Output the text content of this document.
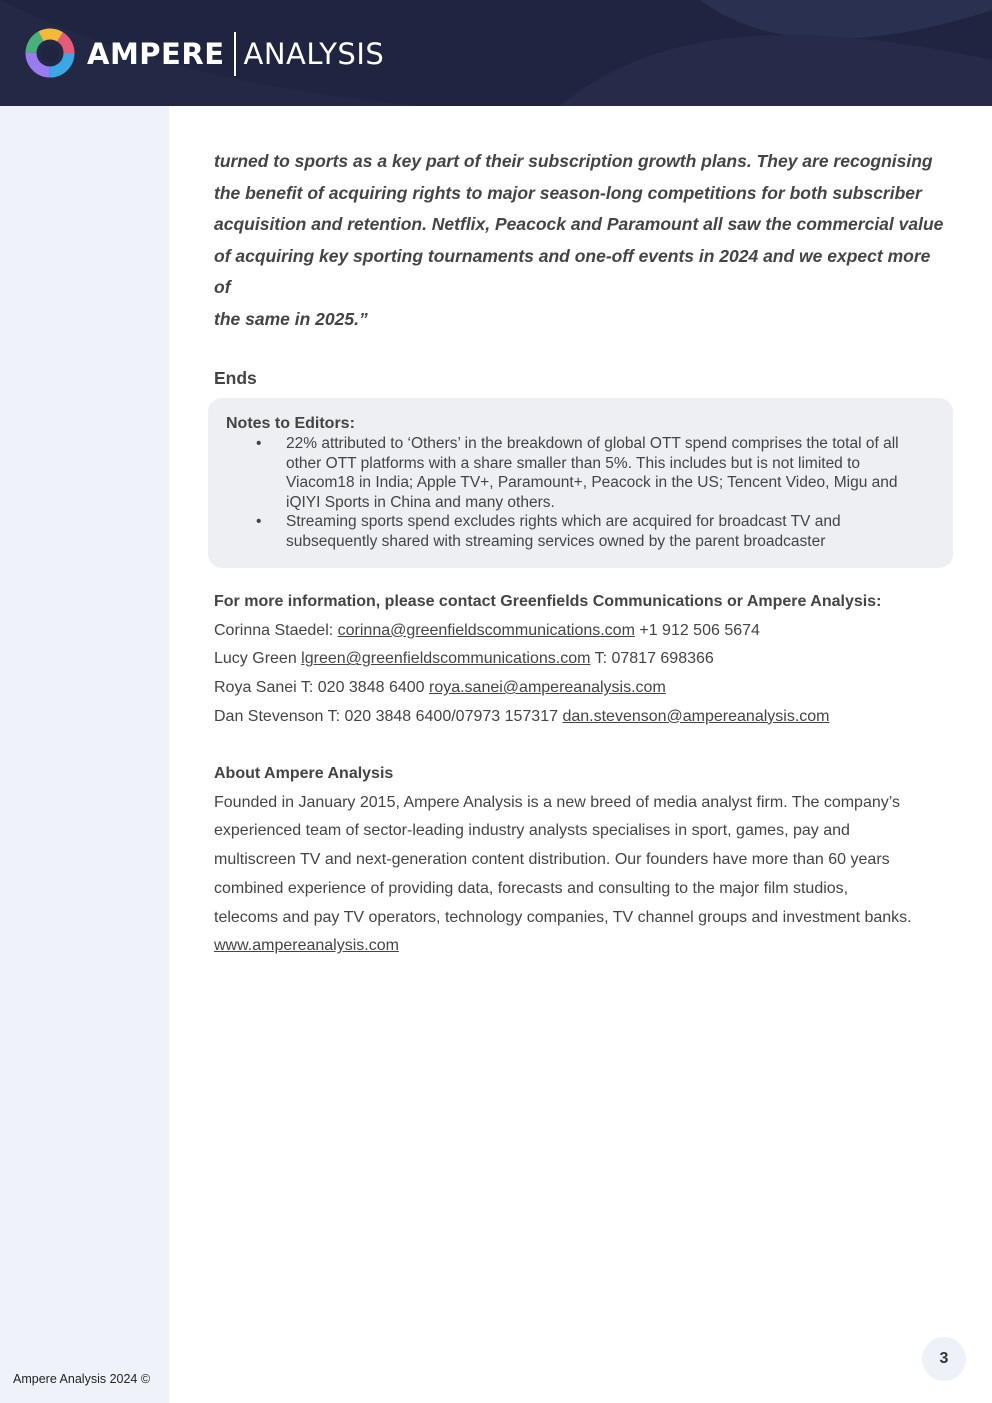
AMPERE ANALYSIS
Ampere Analysis 2024 ©
turned to sports as a key part of their subscription growth plans. They are recognising
the benefit of acquiring rights to major season-long competitions for both subscriber
acquisition and retention. Netflix, Peacock and Paramount all saw the commercial value
of acquiring key sporting tournaments and one-off events in 2024 and we expect more of
the same in 2025.”
Ends
Notes to Editors:
• 22% attributed to ‘Others’ in the breakdown of global OTT spend comprises the total of all other OTT platforms with a share smaller than 5%. This includes but is not limited to Viacom18 in India; Apple TV+, Paramount+, Peacock in the US; Tencent Video, Migu and iQIYI Sports in China and many others.
• Streaming sports spend excludes rights which are acquired for broadcast TV and subsequently shared with streaming services owned by the parent broadcaster
For more information, please contact Greenfields Communications or Ampere Analysis:
Corinna Staedel: corinna@greenfieldscommunications.com +1 912 506 5674
Lucy Green lgreen@greenfieldscommunications.com T: 07817 698366
Roya Sanei T: 020 3848 6400 roya.sanei@ampereanalysis.com
Dan Stevenson T: 020 3848 6400/07973 157317 dan.stevenson@ampereanalysis.com
About Ampere Analysis
Founded in January 2015, Ampere Analysis is a new breed of media analyst firm. The company’s
experienced team of sector-leading industry analysts specialises in sport, games, pay and
multiscreen TV and next-generation content distribution. Our founders have more than 60 years
combined experience of providing data, forecasts and consulting to the major film studios,
telecoms and pay TV operators, technology companies, TV channel groups and investment banks.
www.ampereanalysis.com
3
